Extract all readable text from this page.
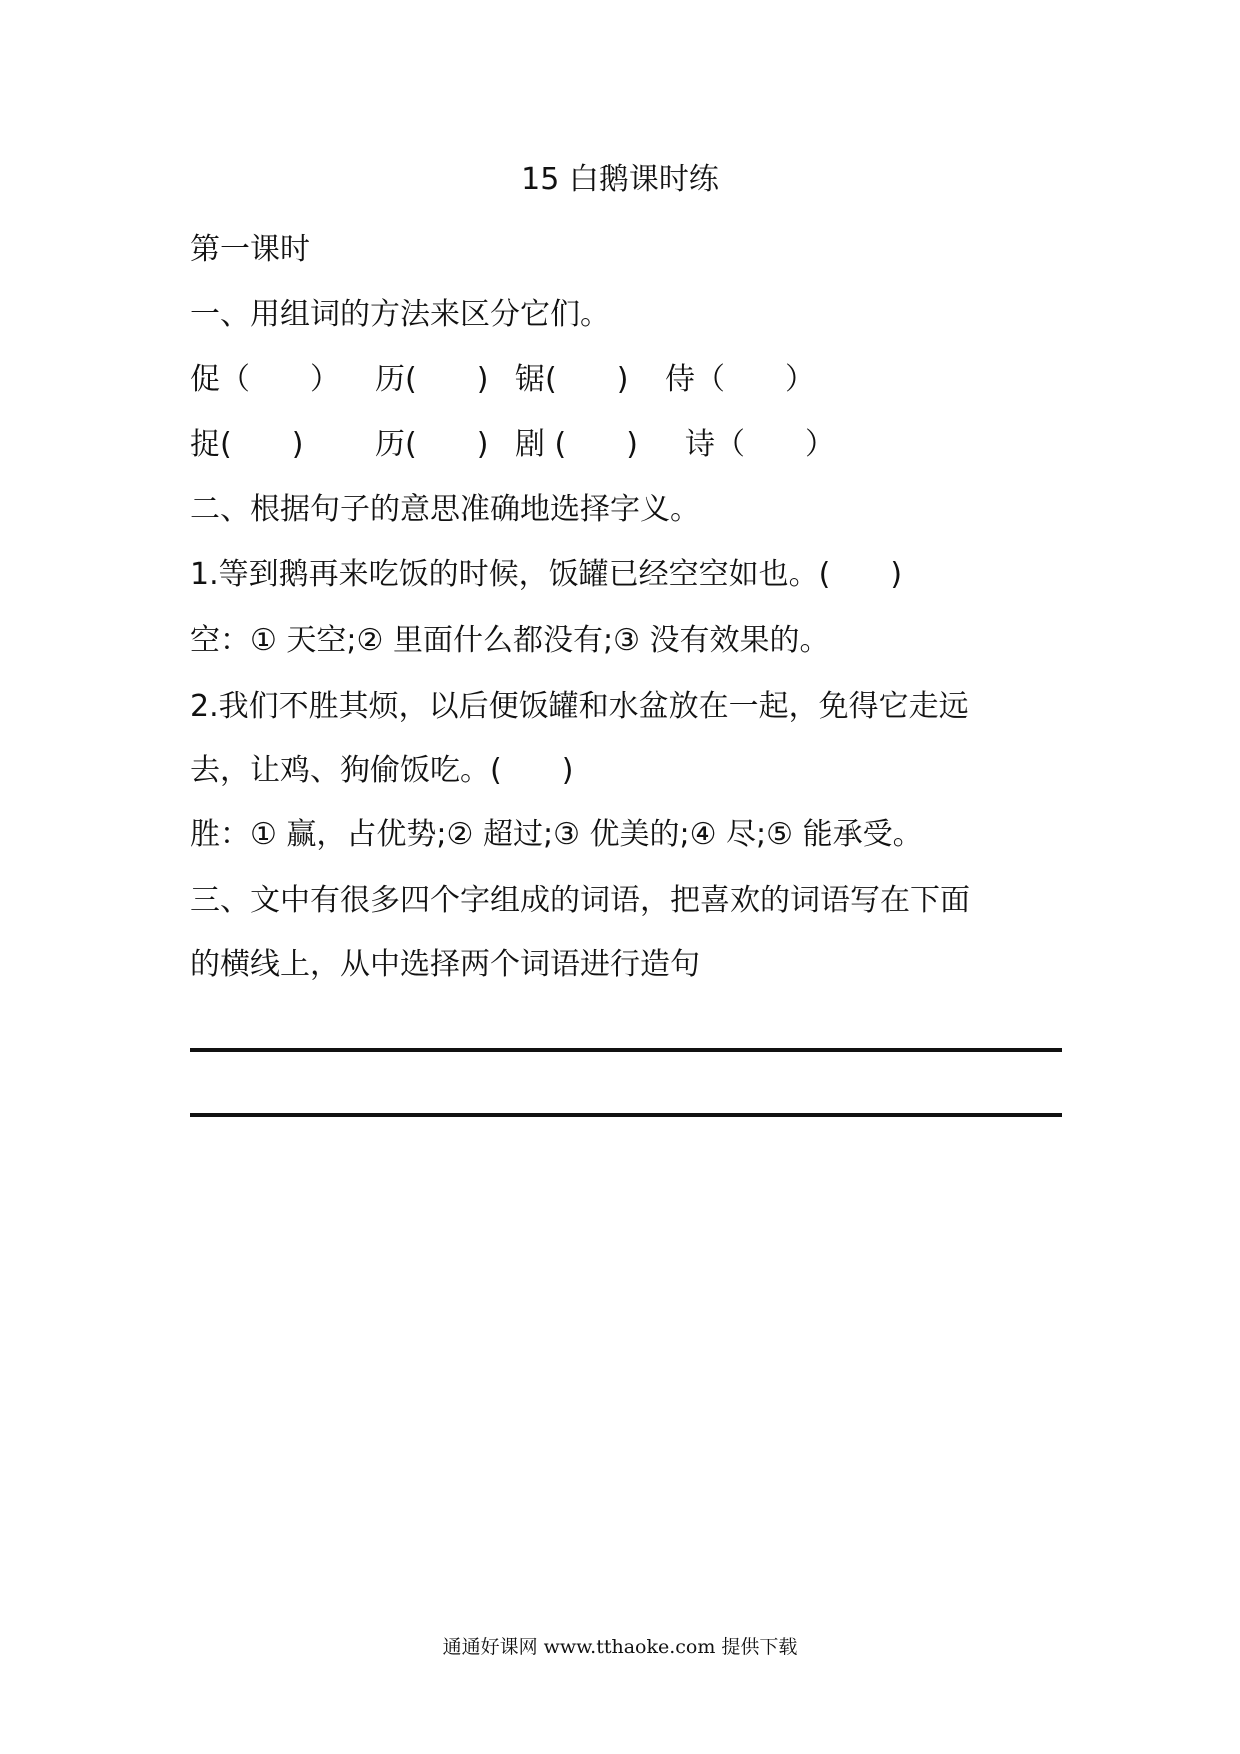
15 白鹅课时练
第一课时
一、用组词的方法来区分它们。
促（　　） 历(　　) 锯(　　) 侍（　　）
捉(　　) 历(　　) 剧 (　　) 诗（　　）
二、根据句子的意思准确地选择字义。
1.等到鹅再来吃饭的时候，饭罐已经空空如也。(　　)
空：① 天空;② 里面什么都没有;③ 没有效果的。
2.我们不胜其烦，以后便饭罐和水盆放在一起，免得它走远
去，让鸡、狗偷饭吃。(　　)
胜：① 赢，占优势;② 超过;③ 优美的;④ 尽;⑤ 能承受。
三、文中有很多四个字组成的词语，把喜欢的词语写在下面
的横线上，从中选择两个词语进行造句
通通好课网 www.tthaoke.com 提供下载
